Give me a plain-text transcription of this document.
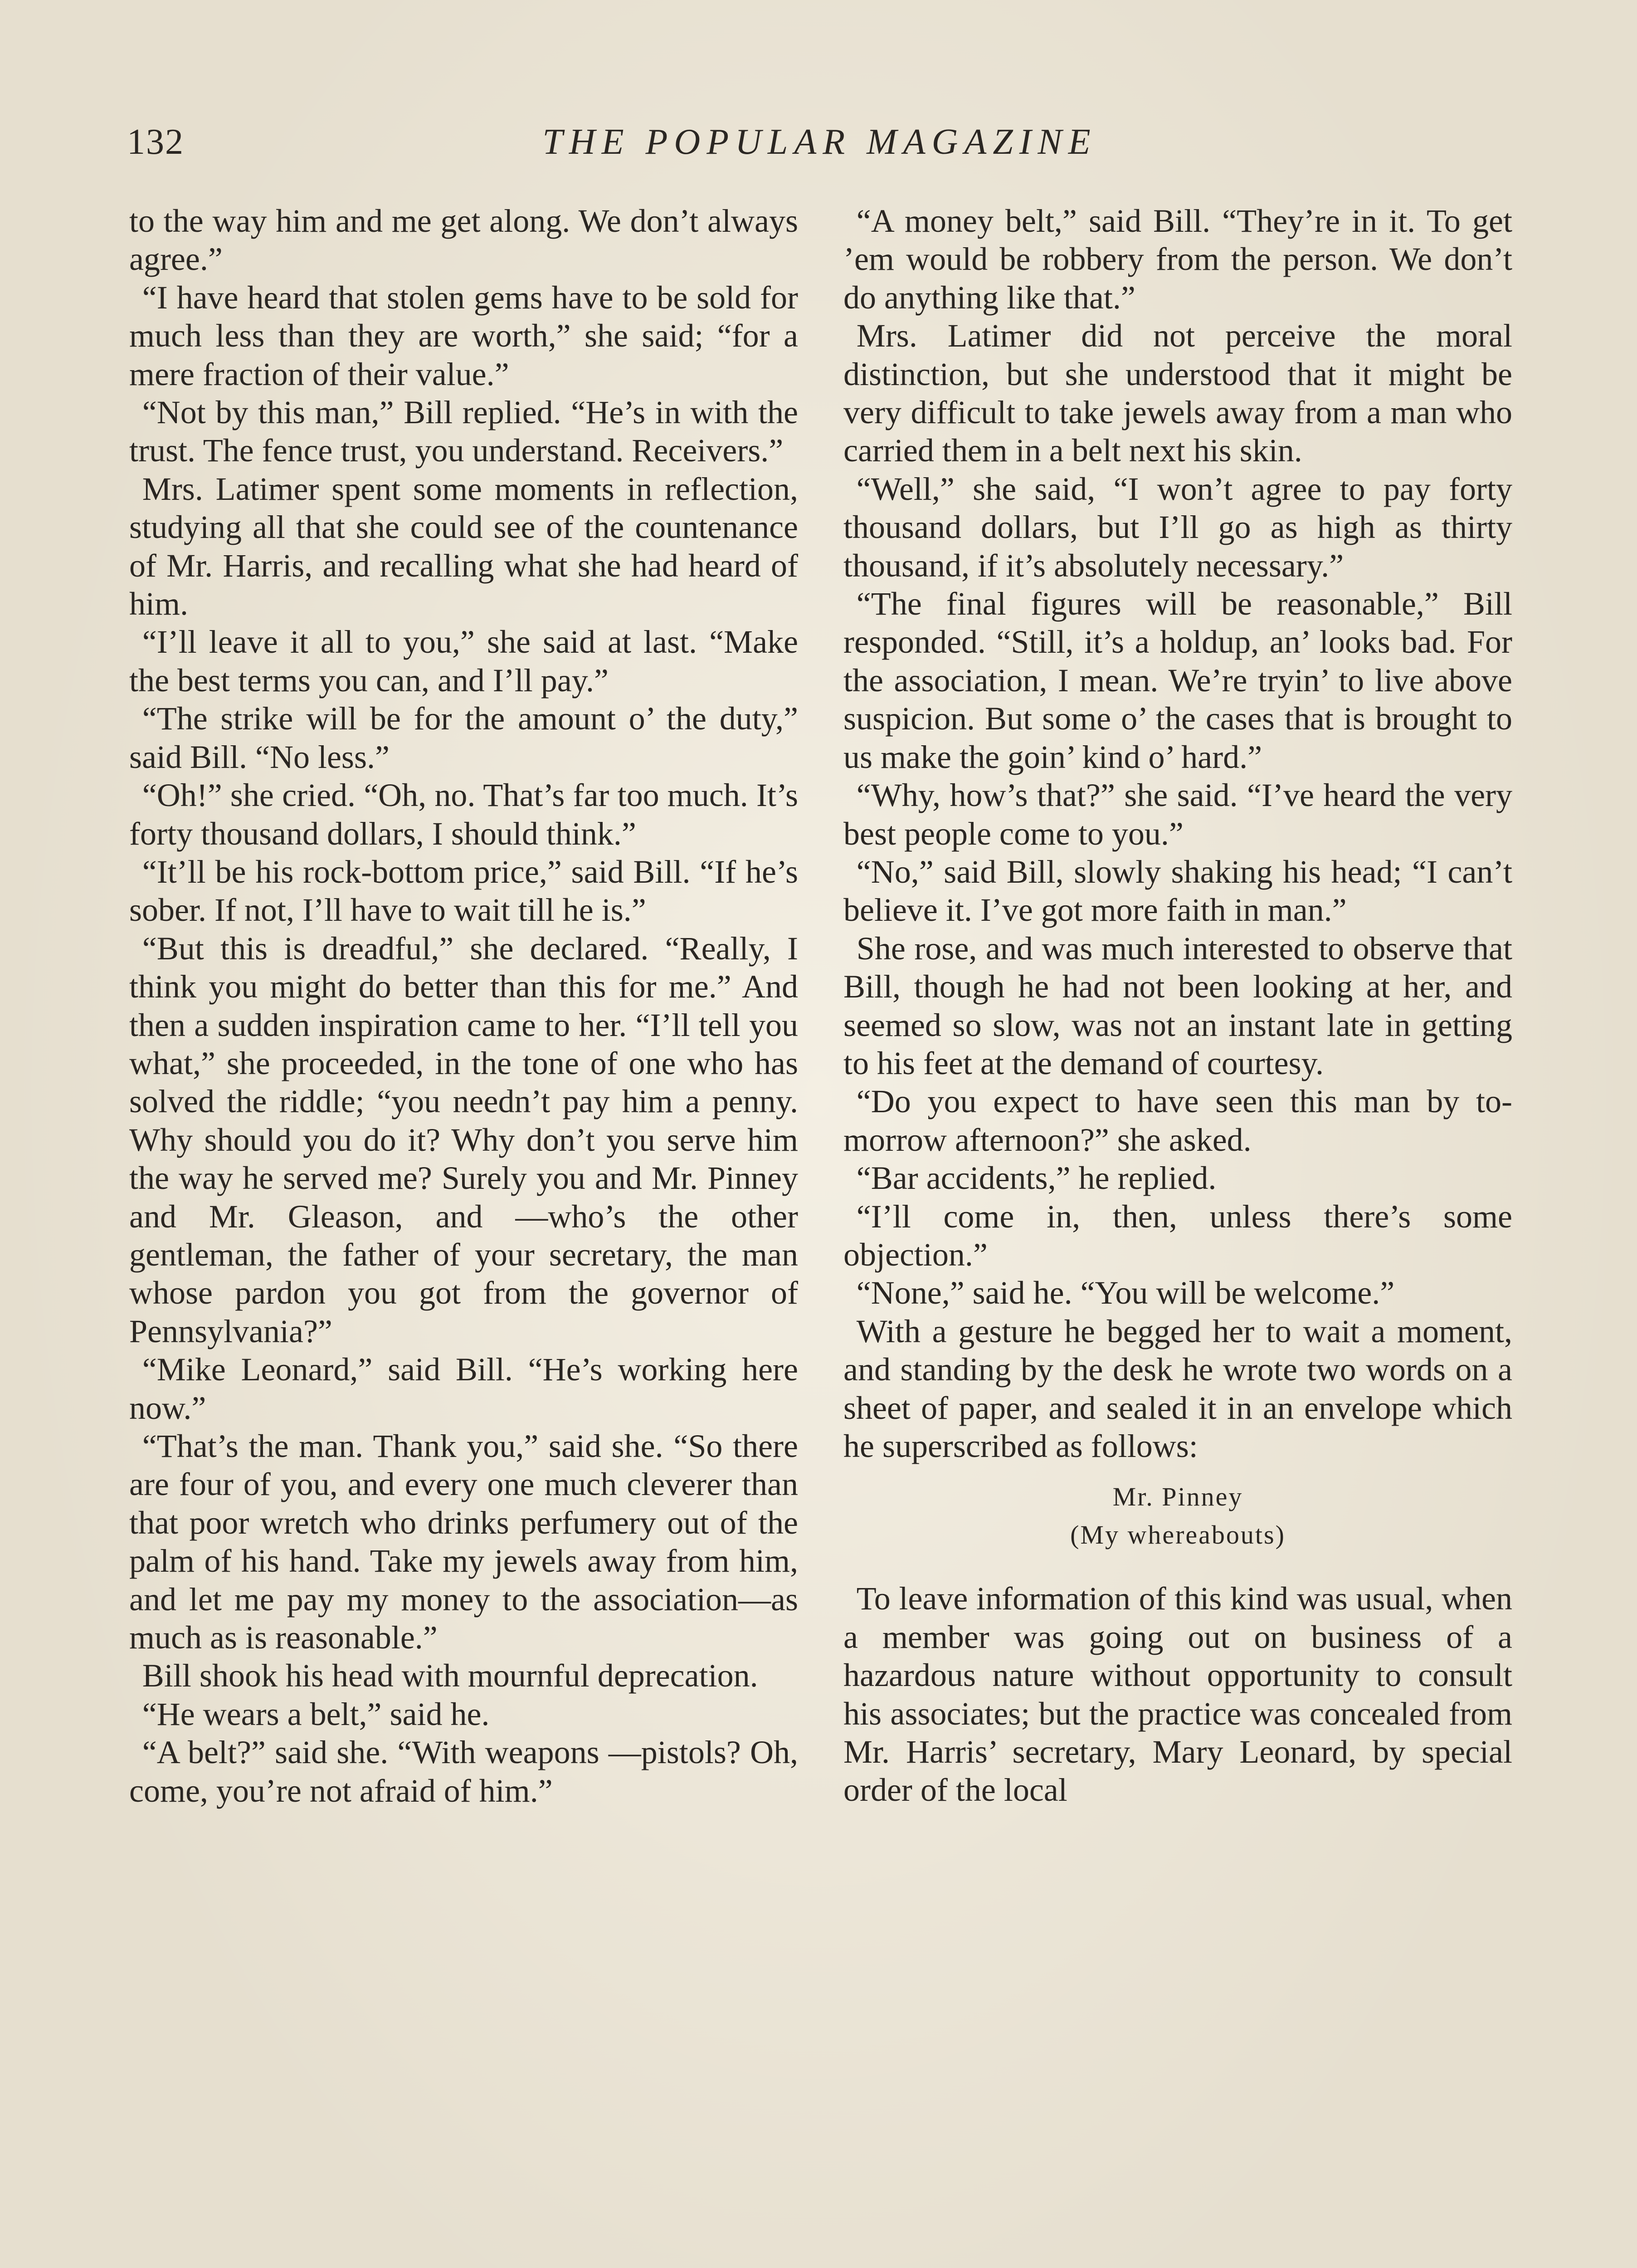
132	THE POPULAR MAGAZINE

to the way him and me get along. We don’t always agree.”

“I have heard that stolen gems have to be sold for much less than they are worth,” she said; “for a mere fraction of their value.”

“Not by this man,” Bill replied. “He’s in with the trust. The fence trust, you understand. Receivers.”

Mrs. Latimer spent some moments in reflection, studying all that she could see of the countenance of Mr. Harris, and recalling what she had heard of him.

“I’ll leave it all to you,” she said at last. “Make the best terms you can, and I’ll pay.”

“The strike will be for the amount o’ the duty,” said Bill. “No less.”

“Oh!” she cried. “Oh, no. That’s far too much. It’s forty thousand dollars, I should think.”

“It’ll be his rock-bottom price,” said Bill. “If he’s sober. If not, I’ll have to wait till he is.”

“But this is dreadful,” she declared. “Really, I think you might do better than this for me.” And then a sudden inspiration came to her. “I’ll tell you what,” she proceeded, in the tone of one who has solved the riddle; “you needn’t pay him a penny. Why should you do it? Why don’t you serve him the way he served me? Surely you and Mr. Pinney and Mr. Gleason, and —who’s the other gentleman, the father of your secretary, the man whose pardon you got from the governor of Pennsylvania?”

“Mike Leonard,” said Bill. “He’s working here now.”

“That’s the man. Thank you,” said she. “So there are four of you, and every one much cleverer than that poor wretch who drinks perfumery out of the palm of his hand. Take my jewels away from him, and let me pay my money to the association—as much as is reasonable.”

Bill shook his head with mournful deprecation.

“He wears a belt,” said he.

“A belt?” said she. “With weapons —pistols? Oh, come, you’re not afraid of him.”

“A money belt,” said Bill. “They’re in it. To get ’em would be robbery from the person. We don’t do anything like that.”

Mrs. Latimer did not perceive the moral distinction, but she understood that it might be very difficult to take jewels away from a man who carried them in a belt next his skin.

“Well,” she said, “I won’t agree to pay forty thousand dollars, but I’ll go as high as thirty thousand, if it’s absolutely necessary.”

“The final figures will be reasonable,” Bill responded. “Still, it’s a holdup, an’ looks bad. For the association, I mean. We’re tryin’ to live above suspicion. But some o’ the cases that is brought to us make the goin’ kind o’ hard.”

“Why, how’s that?” she said. “I’ve heard the very best people come to you.”

“No,” said Bill, slowly shaking his head; “I can’t believe it. I’ve got more faith in man.”

She rose, and was much interested to observe that Bill, though he had not been looking at her, and seemed so slow, was not an instant late in getting to his feet at the demand of courtesy.

“Do you expect to have seen this man by to-morrow afternoon?” she asked.

“Bar accidents,” he replied.

“I’ll come in, then, unless there’s some objection.”

“None,” said he. “You will be welcome.”

With a gesture he begged her to wait a moment, and standing by the desk he wrote two words on a sheet of paper, and sealed it in an envelope which he superscribed as follows:

Mr. Pinney
(My whereabouts)

To leave information of this kind was usual, when a member was going out on business of a hazardous nature without opportunity to consult his associates; but the practice was concealed from Mr. Harris’ secretary, Mary Leonard, by special order of the local
